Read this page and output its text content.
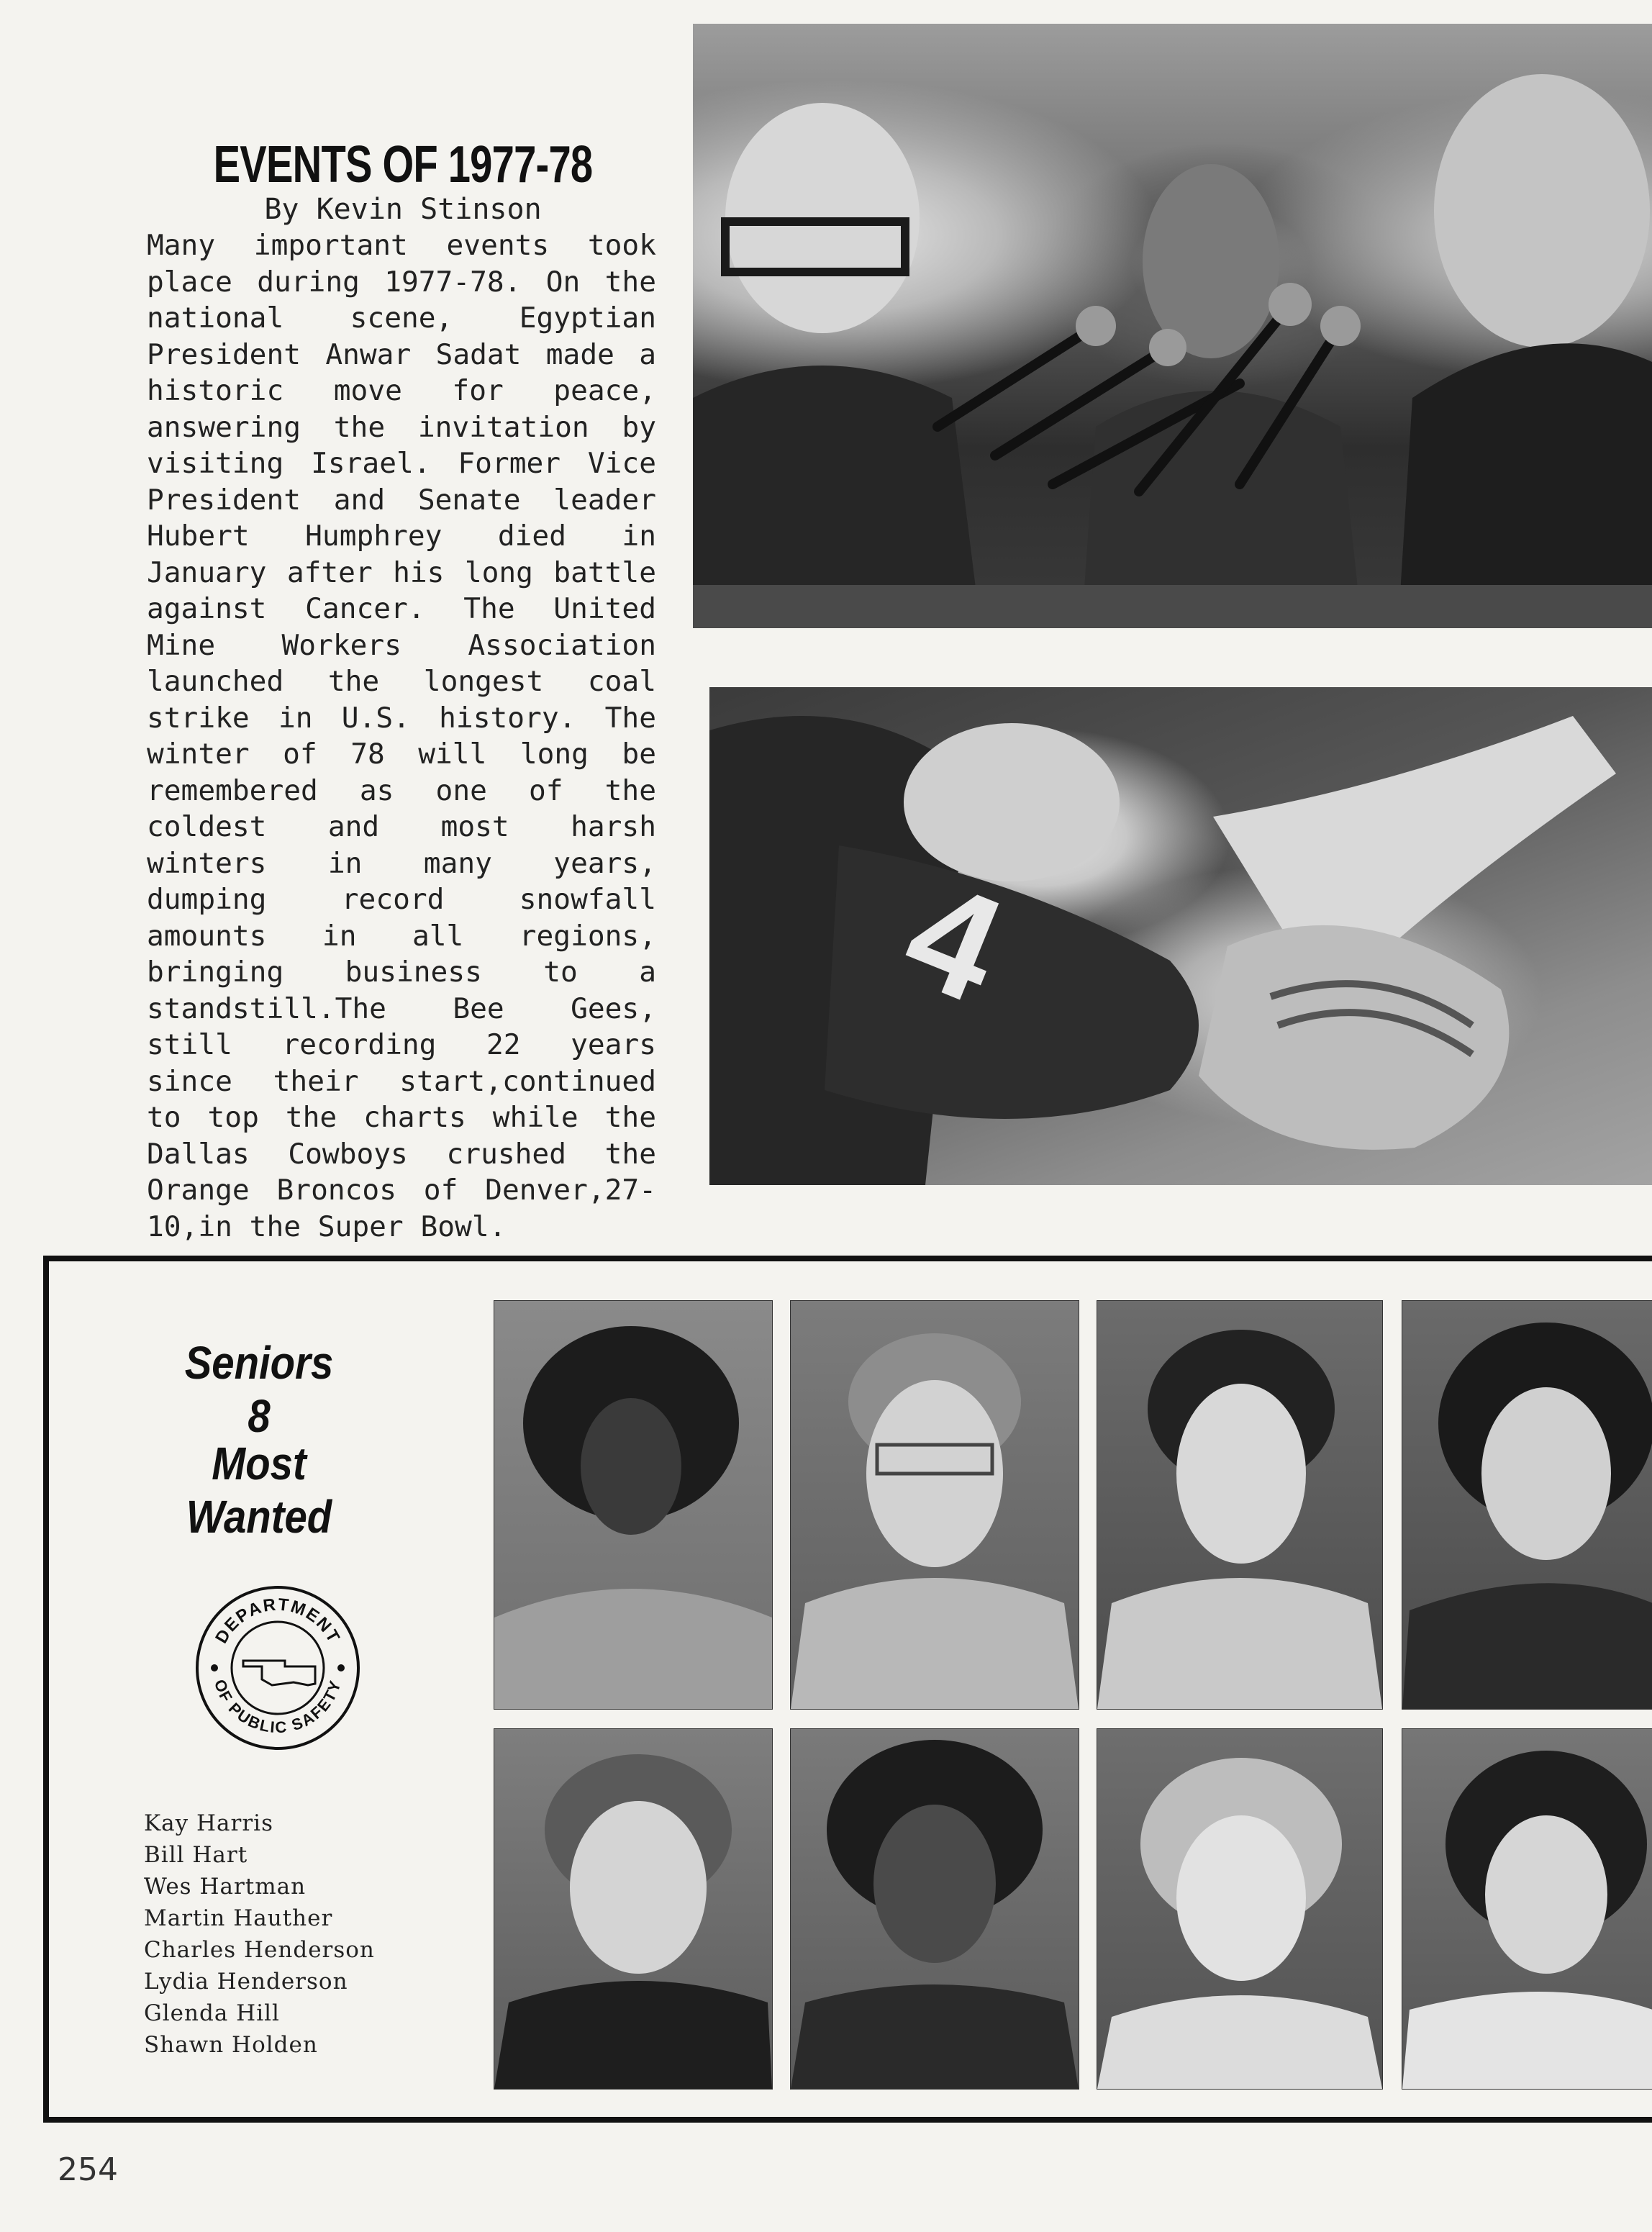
EVENTS OF 1977-78
By Kevin Stinson
Many important events took place during 1977-78. On the national scene, Egyptian President Anwar Sadat made a historic move for peace, answering the invitation by visiting Israel. Former Vice President and Senate leader Hubert Humphrey died in January after his long battle against Cancer. The United Mine Workers Association launched the longest coal strike in U.S. history. The winter of 78 will long be remembered as one of the coldest and most harsh winters in many years, dumping record snowfall amounts in all regions, bringing business to a standstill.The Bee Gees, still recording 22 years since their start,continued to top the charts while the Dallas Cowboys crushed the Orange Broncos of Denver,27-10,in the Super Bowl.
4
Seniors
8
Most
Wanted
DEPARTMENT
OF PUBLIC SAFETY
Kay Harris
Bill Hart
Wes Hartman
Martin Hauther
Charles Henderson
Lydia Henderson
Glenda Hill
Shawn Holden
254
